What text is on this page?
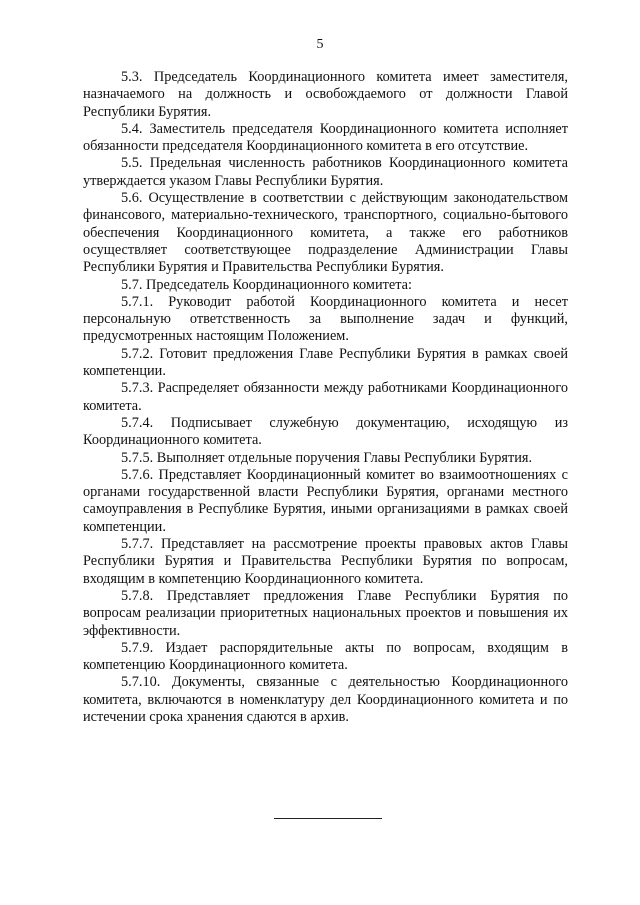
5

5.3. Председатель Координационного комитета имеет заместителя, назначаемого на должность и освобождаемого от должности Главой Республики Бурятия.

5.4. Заместитель председателя Координационного комитета исполняет обязанности председателя Координационного комитета в его отсутствие.

5.5. Предельная численность работников Координационного комитета утверждается указом Главы Республики Бурятия.

5.6. Осуществление в соответствии с действующим законодательством финансового, материально-технического, транспортного, социально-бытового обеспечения Координационного комитета, а также его работников осуществляет соответствующее подразделение Администрации Главы Республики Бурятия и Правительства Республики Бурятия.

5.7. Председатель Координационного комитета:

5.7.1. Руководит работой Координационного комитета и несет персональную ответственность за выполнение задач и функций, предусмотренных настоящим Положением.

5.7.2. Готовит предложения Главе Республики Бурятия в рамках своей компетенции.

5.7.3. Распределяет обязанности между работниками Координационного комитета.

5.7.4. Подписывает служебную документацию, исходящую из Координационного комитета.

5.7.5. Выполняет отдельные поручения Главы Республики Бурятия.

5.7.6. Представляет Координационный комитет во взаимоотношениях с органами государственной власти Республики Бурятия, органами местного самоуправления в Республике Бурятия, иными организациями в рамках своей компетенции.

5.7.7. Представляет на рассмотрение проекты правовых актов Главы Республики Бурятия и Правительства Республики Бурятия по вопросам, входящим в компетенцию Координационного комитета.

5.7.8. Представляет предложения Главе Республики Бурятия по вопросам реализации приоритетных национальных проектов и повышения их эффективности.

5.7.9. Издает распорядительные акты по вопросам, входящим в компетенцию Координационного комитета.

5.7.10. Документы, связанные с деятельностью Координационного комитета, включаются в номенклатуру дел Координационного комитета и по истечении срока хранения сдаются в архив.
